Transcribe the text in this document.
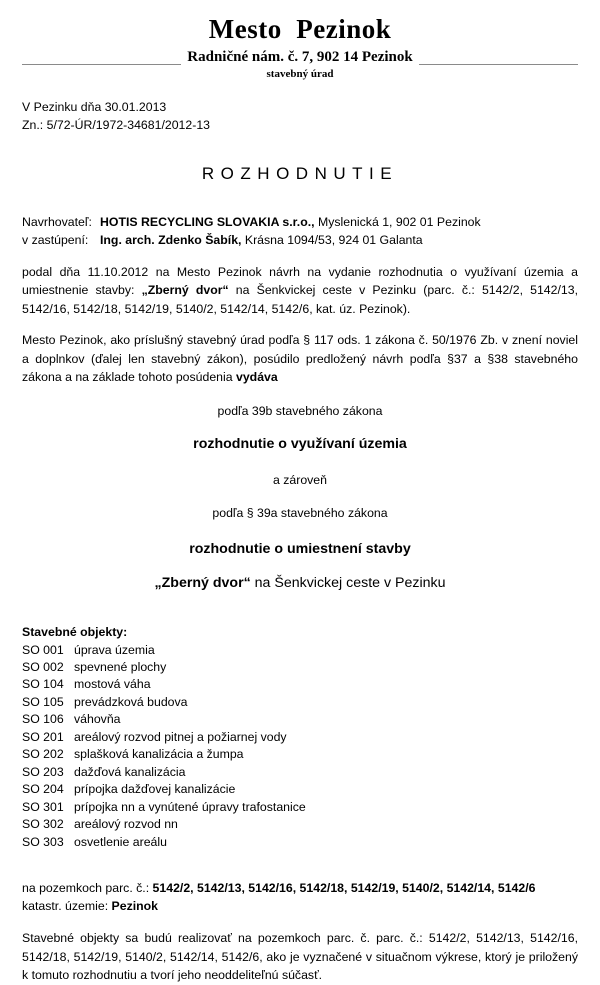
Mesto  Pezinok
Radničné nám. č. 7, 902 14 Pezinok
stavebný úrad
V Pezinku dňa 30.01.2013
Zn.: 5/72-ÚR/1972-34681/2012-13
ROZHODNUTIE
Navrhovateľ:	HOTIS RECYCLING SLOVAKIA s.r.o., Myslenická 1, 902 01 Pezinok
v zastúpení:	Ing. arch. Zdenko Šabík, Krásna 1094/53, 924 01 Galanta

podal dňa 11.10.2012 na Mesto Pezinok návrh na vydanie rozhodnutia o využívaní územia a umiestnenie stavby: „Zberný dvor“ na Šenkvickej ceste v Pezinku (parc. č.: 5142/2, 5142/13, 5142/16, 5142/18, 5142/19, 5140/2, 5142/14, 5142/6, kat. úz. Pezinok).

Mesto Pezinok, ako príslušný stavebný úrad podľa § 117 ods. 1 zákona č. 50/1976 Zb. v znení noviel a doplnkov (ďalej len stavebný zákon), posúdilo predložený návrh podľa §37 a §38 stavebného zákona a na základe tohoto posúdenia vydáva

podľa 39b stavebného zákona
rozhodnutie o využívaní územia
a zároveň
podľa § 39a stavebného zákona
rozhodnutie o umiestnení stavby
„Zberný dvor“ na Šenkvickej ceste v Pezinku
Stavebné objekty:
SO 001 úprava územia
SO 002 spevnené plochy
SO 104 mostová váha
SO 105 prevádzková budova
SO 106 váhovňa
SO 201 areálový rozvod pitnej a požiarnej vody
SO 202 splašková kanalizácia a žumpa
SO 203 dažďová kanalizácia
SO 204 prípojka dažďovej kanalizácie
SO 301 prípojka nn a vynútené úpravy trafostanice
SO 302 areálový rozvod nn
SO 303 osvetlenie areálu
na pozemkoch parc. č.: 5142/2, 5142/13, 5142/16, 5142/18, 5142/19, 5140/2, 5142/14, 5142/6
katastr. územie: Pezinok

Stavebné objekty sa budú realizovať na pozemkoch parc. č. parc. č.: 5142/2, 5142/13, 5142/16, 5142/18, 5142/19, 5140/2, 5142/14, 5142/6, ako je vyznačené v situačnom výkrese, ktorý je priložený k tomuto rozhodnutiu a tvorí jeho neoddeliteľnú súčasť.
